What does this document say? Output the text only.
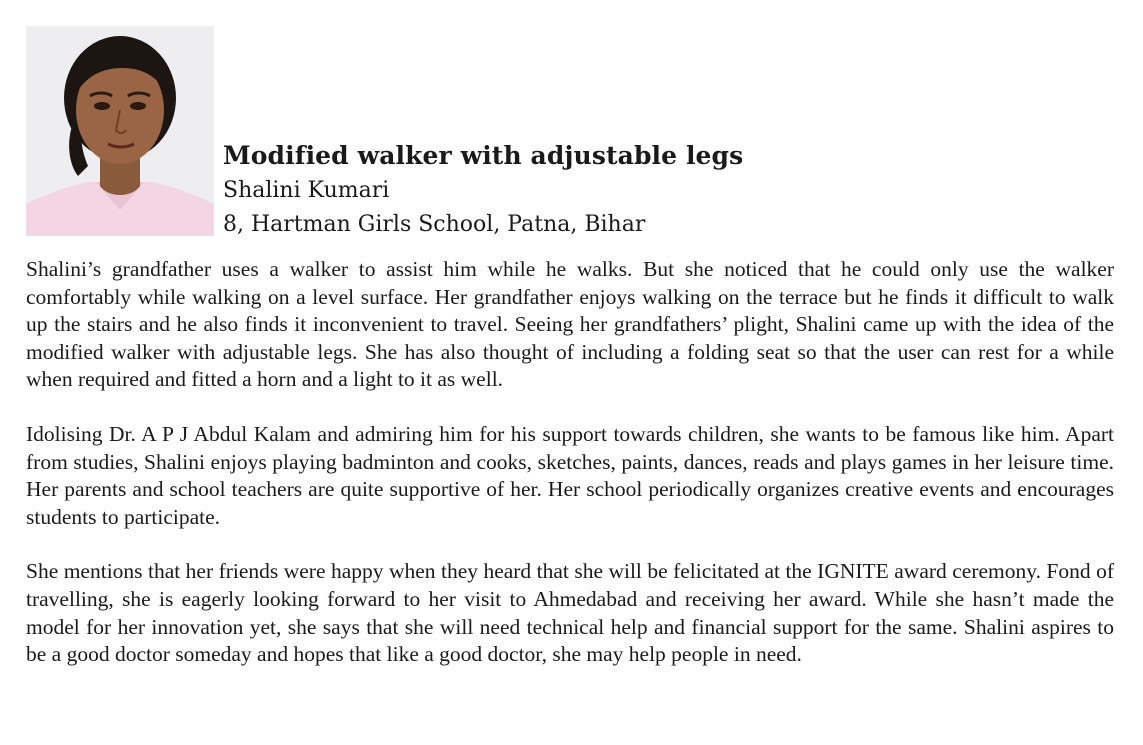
Modified walker with adjustable legs

Shalini Kumari

8, Hartman Girls School, Patna, Bihar

Shalini’s grandfather uses a walker to assist him while he walks. But she noticed that he could only use the walker comfortably while walking on a level surface. Her grandfather enjoys walking on the terrace but he finds it difficult to walk up the stairs and he also finds it inconvenient to travel. Seeing her grandfathers’ plight, Shalini came up with the idea of the modified walker with adjustable legs. She has also thought of including a folding seat so that the user can rest for a while when required and fitted a horn and a light to it as well.

Idolising Dr. A P J Abdul Kalam and admiring him for his support towards children, she wants to be famous like him. Apart from studies, Shalini enjoys playing badminton and cooks, sketches, paints, dances, reads and plays games in her leisure time. Her parents and school teachers are quite supportive of her. Her school periodically organizes creative events and encourages students to participate.

She mentions that her friends were happy when they heard that she will be felicitated at the IGNITE award ceremony. Fond of travelling, she is eagerly looking forward to her visit to Ahmedabad and receiving her award. While she hasn’t made the model for her innovation yet, she says that she will need technical help and financial support for the same. Shalini aspires to be a good doctor someday and hopes that like a good doctor, she may help people in need.
